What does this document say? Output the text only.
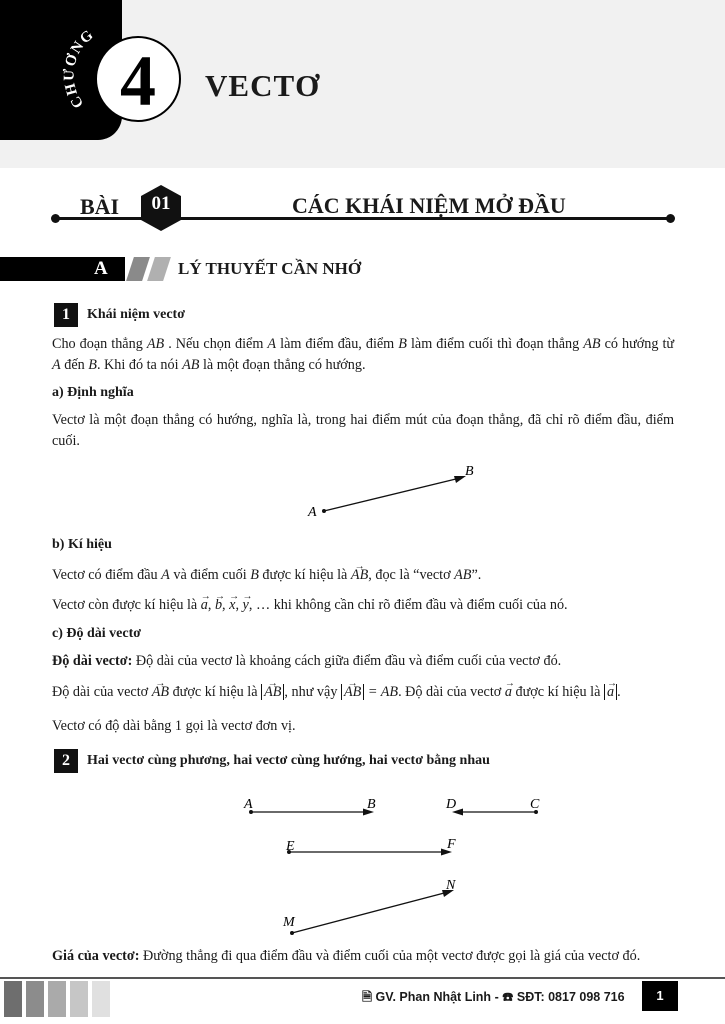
CHƯƠNG
4	VECTƠ
BÀI	01	CÁC KHÁI NIỆM MỞ ĐẦU
A	LÝ THUYẾT CẦN NHỚ
1	Khái niệm vectơ
Cho đoạn thẳng AB . Nếu chọn điểm A làm điểm đầu, điểm B làm điểm cuối thì đoạn thẳng AB có hướng từ A đến B. Khi đó ta nói AB là một đoạn thẳng có hướng.
a) Định nghĩa
Vectơ là một đoạn thẳng có hướng, nghĩa là, trong hai điểm mút của đoạn thẳng, đã chỉ rõ điểm đầu, điểm cuối.
A
B
b) Kí hiệu
Vectơ có điểm đầu A và điểm cuối B được kí hiệu là → AB, đọc là “vectơ AB”.
Vectơ còn được kí hiệu là → a, → b, → x, → y, … khi không cần chỉ rõ điểm đầu và điểm cuối của nó.
c) Độ dài vectơ
Độ dài vectơ: Độ dài của vectơ là khoảng cách giữa điểm đầu và điểm cuối của vectơ đó.
Độ dài của vectơ → AB được kí hiệu là → AB , như vậy → AB = AB. Độ dài của vectơ → a được kí hiệu là → a .
Vectơ có độ dài bằng 1 gọi là vectơ đơn vị.
2	Hai vectơ cùng phương, hai vectơ cùng hướng, hai vectơ bằng nhau
A	B	D	C
E	F
M
N
Giá của vectơ: Đường thẳng đi qua điểm đầu và điểm cuối của một vectơ được gọi là giá của vectơ đó.
🗎 GV. Phan Nhật Linh - ☎ SĐT: 0817 098 716	1
